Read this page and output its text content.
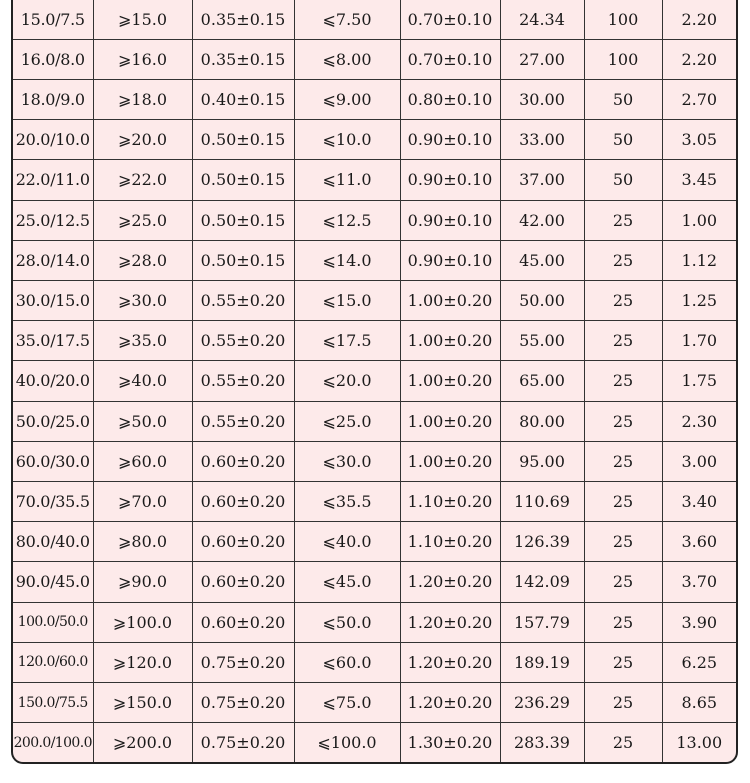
15.0/7.5	⩾15.0	0.35±0.15	⩽7.50	0.70±0.10	24.34	100	2.20
16.0/8.0	⩾16.0	0.35±0.15	⩽8.00	0.70±0.10	27.00	100	2.20
18.0/9.0	⩾18.0	0.40±0.15	⩽9.00	0.80±0.10	30.00	50	2.70
20.0/10.0	⩾20.0	0.50±0.15	⩽10.0	0.90±0.10	33.00	50	3.05
22.0/11.0	⩾22.0	0.50±0.15	⩽11.0	0.90±0.10	37.00	50	3.45
25.0/12.5	⩾25.0	0.50±0.15	⩽12.5	0.90±0.10	42.00	25	1.00
28.0/14.0	⩾28.0	0.50±0.15	⩽14.0	0.90±0.10	45.00	25	1.12
30.0/15.0	⩾30.0	0.55±0.20	⩽15.0	1.00±0.20	50.00	25	1.25
35.0/17.5	⩾35.0	0.55±0.20	⩽17.5	1.00±0.20	55.00	25	1.70
40.0/20.0	⩾40.0	0.55±0.20	⩽20.0	1.00±0.20	65.00	25	1.75
50.0/25.0	⩾50.0	0.55±0.20	⩽25.0	1.00±0.20	80.00	25	2.30
60.0/30.0	⩾60.0	0.60±0.20	⩽30.0	1.00±0.20	95.00	25	3.00
70.0/35.5	⩾70.0	0.60±0.20	⩽35.5	1.10±0.20	110.69	25	3.40
80.0/40.0	⩾80.0	0.60±0.20	⩽40.0	1.10±0.20	126.39	25	3.60
90.0/45.0	⩾90.0	0.60±0.20	⩽45.0	1.20±0.20	142.09	25	3.70
100.0/50.0	⩾100.0	0.60±0.20	⩽50.0	1.20±0.20	157.79	25	3.90
120.0/60.0	⩾120.0	0.75±0.20	⩽60.0	1.20±0.20	189.19	25	6.25
150.0/75.5	⩾150.0	0.75±0.20	⩽75.0	1.20±0.20	236.29	25	8.65
200.0/100.0	⩾200.0	0.75±0.20	⩽100.0	1.30±0.20	283.39	25	13.00
